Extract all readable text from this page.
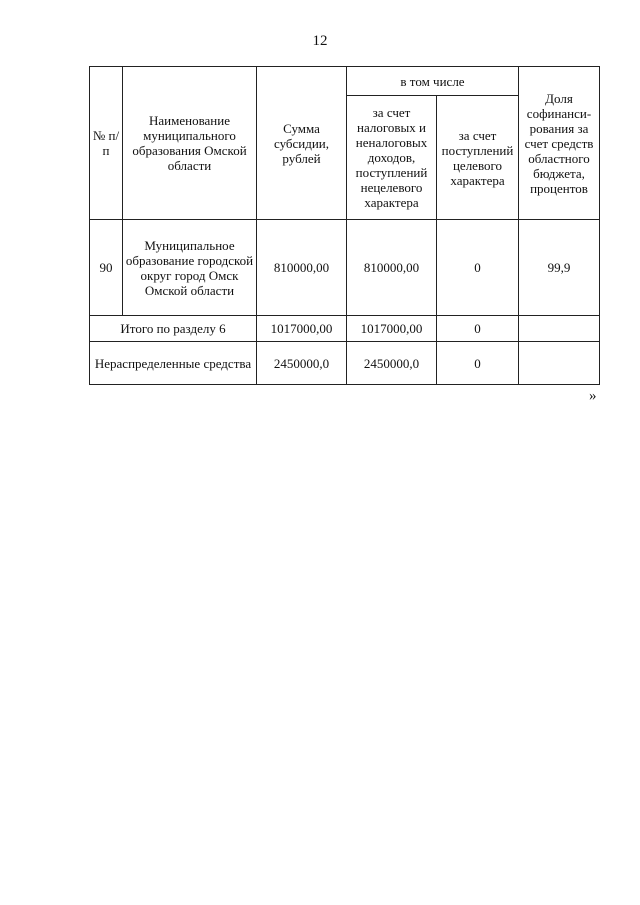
12
№ п/п	Наименование муниципального образования Омской области	Сумма субсидии, рублей	в том числе		Доля софинанси-рования за счет средств областного бюджета, процентов
			за счет налоговых и неналоговых доходов, поступлений нецелевого характера	за счет поступлений целевого характера	
90	Муниципальное образование городской округ город Омск Омской области	810000,00	810000,00	0	99,9
Итого по разделу 6		1017000,00	1017000,00	0	
Нераспределенные средства		2450000,0	2450000,0	0	
»
